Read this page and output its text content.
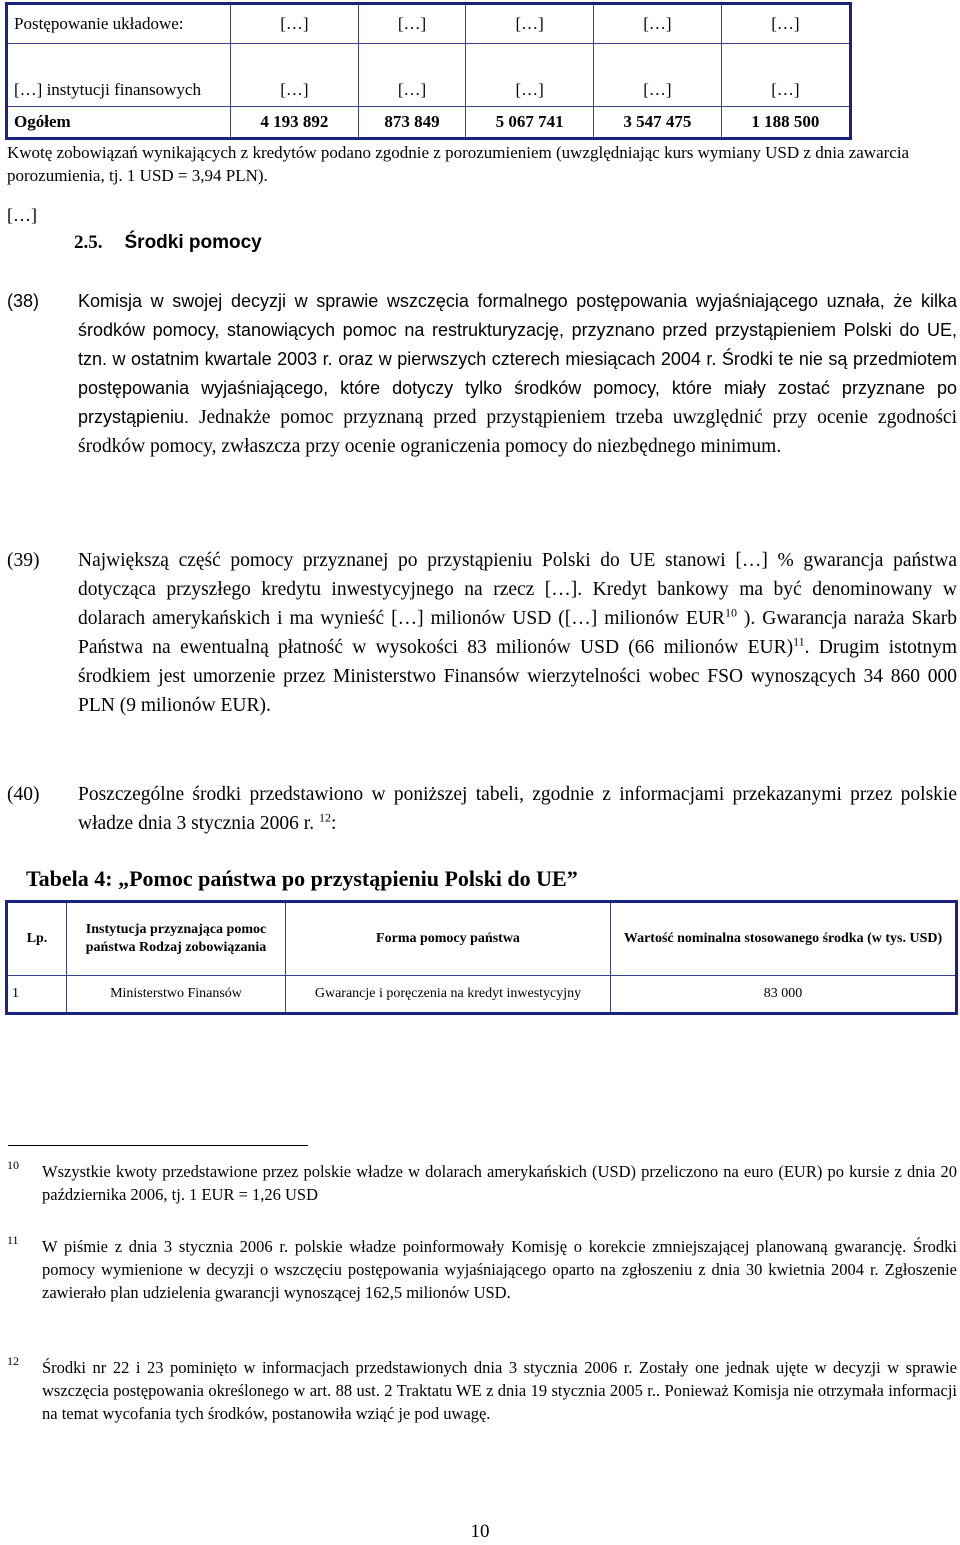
Postępowanie układowe:	[…]	[…]	[…]	[…]	[…]
[…] instytucji finansowych	[…]	[…]	[…]	[…]	[…]
Ogółem	4 193 892	873 849	5 067 741	3 547 475	1 188 500
Kwotę zobowiązań wynikających z kredytów podano zgodnie z porozumieniem (uwzględniając kurs wymiany USD z dnia zawarcia porozumienia, tj. 1 USD = 3,94 PLN).
[…]
2.5. Środki pomocy
(38) Komisja w swojej decyzji w sprawie wszczęcia formalnego postępowania wyjaśniającego uznała, że kilka środków pomocy, stanowiących pomoc na restrukturyzację, przyznano przed przystąpieniem Polski do UE, tzn. w ostatnim kwartale 2003 r. oraz w pierwszych czterech miesiącach 2004 r. Środki te nie są przedmiotem postępowania wyjaśniającego, które dotyczy tylko środków pomocy, które miały zostać przyznane po przystąpieniu. Jednakże pomoc przyznaną przed przystąpieniem trzeba uwzględnić przy ocenie zgodności środków pomocy, zwłaszcza przy ocenie ograniczenia pomocy do niezbędnego minimum.
(39) Największą część pomocy przyznanej po przystąpieniu Polski do UE stanowi […] % gwarancja państwa dotycząca przyszłego kredytu inwestycyjnego na rzecz […]. Kredyt bankowy ma być denominowany w dolarach amerykańskich i ma wynieść […] milionów USD ([…] milionów EUR$^{10}$ ). Gwarancja naraża Skarb Państwa na ewentualną płatność w wysokości 83 milionów USD (66 milionów EUR)$^{11}$. Drugim istotnym środkiem jest umorzenie przez Ministerstwo Finansów wierzytelności wobec FSO wynoszących 34 860 000 PLN (9 milionów EUR).
(40) Poszczególne środki przedstawiono w poniższej tabeli, zgodnie z informacjami przekazanymi przez polskie władze dnia 3 stycznia 2006 r. $^{12}$:
Tabela 4: „Pomoc państwa po przystąpieniu Polski do UE”
Lp.	Instytucja przyznająca pomoc państwa Rodzaj zobowiązania	Forma pomocy państwa	Wartość nominalna stosowanego środka (w tys. USD)
1	Ministerstwo Finansów	Gwarancje i poręczenia na kredyt inwestycyjny	83 000
10 Wszystkie kwoty przedstawione przez polskie władze w dolarach amerykańskich (USD) przeliczono na euro (EUR) po kursie z dnia 20 października 2006, tj. 1 EUR = 1,26 USD
11 W piśmie z dnia 3 stycznia 2006 r. polskie władze poinformowały Komisję o korekcie zmniejszającej planowaną gwarancję. Środki pomocy wymienione w decyzji o wszczęciu postępowania wyjaśniającego oparto na zgłoszeniu z dnia 30 kwietnia 2004 r. Zgłoszenie zawierało plan udzielenia gwarancji wynoszącej 162,5 milionów USD.
12 Środki nr 22 i 23 pominięto w informacjach przedstawionych dnia 3 stycznia 2006 r. Zostały one jednak ujęte w decyzji w sprawie wszczęcia postępowania określonego w art. 88 ust. 2 Traktatu WE z dnia 19 stycznia 2005 r.. Ponieważ Komisja nie otrzymała informacji na temat wycofania tych środków, postanowiła wziąć je pod uwagę.
10
